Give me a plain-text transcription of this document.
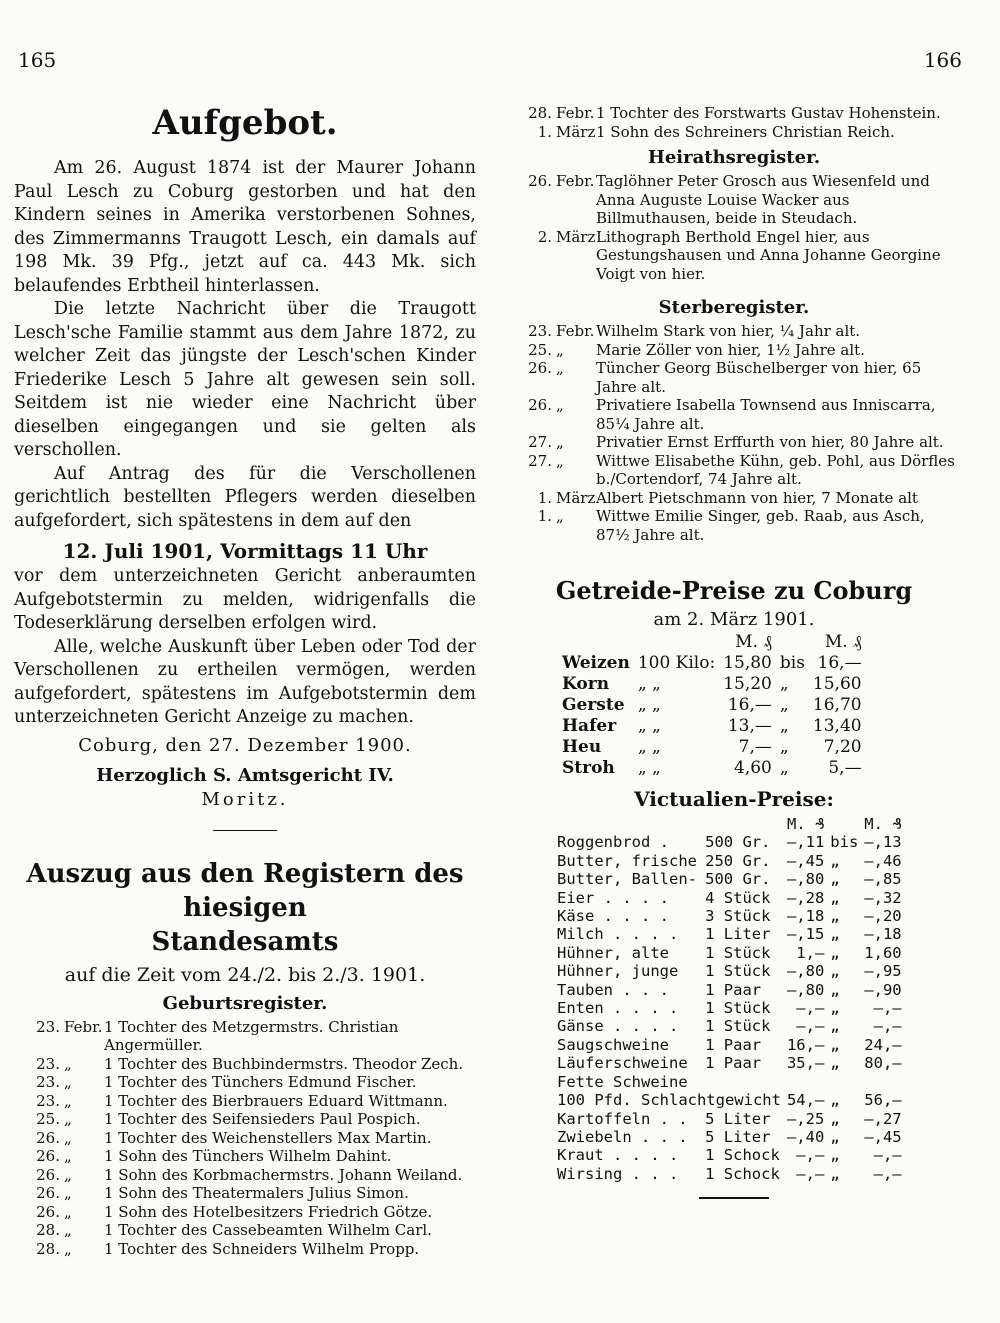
165	166
Aufgebot.

Am 26. August 1874 ist der Maurer Johann Paul Lesch zu Coburg gestorben und hat den Kindern seines in Amerika verstorbenen Sohnes, des Zimmermanns Traugott Lesch, ein damals auf 198 Mk. 39 Pfg., jetzt auf ca. 443 Mk. sich belaufendes Erbtheil hinterlassen.

Die letzte Nachricht über die Traugott Lesch'sche Familie stammt aus dem Jahre 1872, zu welcher Zeit das jüngste der Lesch'schen Kinder Friederike Lesch 5 Jahre alt gewesen sein soll. Seitdem ist nie wieder eine Nachricht über dieselben eingegangen und sie gelten als verschollen.

Auf Antrag des für die Verschollenen gerichtlich bestellten Pflegers werden dieselben aufgefordert, sich spätestens in dem auf den

12. Juli 1901, Vormittags 11 Uhr

vor dem unterzeichneten Gericht anberaumten Aufgebotstermin zu melden, widrigenfalls die Todeserklärung derselben erfolgen wird.

Alle, welche Auskunft über Leben oder Tod der Verschollenen zu ertheilen vermögen, werden aufgefordert, spätestens im Aufgebotstermin dem unterzeichneten Gericht Anzeige zu machen.

Coburg, den 27. Dezember 1900.
Herzoglich S. Amtsgericht IV.
Moritz.
Auszug aus den Registern des hiesigen
Standesamts
auf die Zeit vom 24./2. bis 2./3. 1901.
Geburtsregister.
23.	Febr.	1 Tochter des Metzgermstrs. Christian Angermüller.
23.	„	1 Tochter des Buchbindermstrs. Theodor Zech.
23.	„	1 Tochter des Tünchers Edmund Fischer.
23.	„	1 Tochter des Bierbrauers Eduard Wittmann.
25.	„	1 Tochter des Seifensieders Paul Pospich.
26.	„	1 Tochter des Weichenstellers Max Martin.
26.	„	1 Sohn des Tünchers Wilhelm Dahint.
26.	„	1 Sohn des Korbmachermstrs. Johann Weiland.
26.	„	1 Sohn des Theatermalers Julius Simon.
26.	„	1 Sohn des Hotelbesitzers Friedrich Götze.
28.	„	1 Tochter des Cassebeamten Wilhelm Carl.
28.	„	1 Tochter des Schneiders Wilhelm Propp.
28.	Febr.	1 Tochter des Forstwarts Gustav Hohenstein.
1.	März	1 Sohn des Schreiners Christian Reich.
Heirathsregister.
26.	Febr.	Taglöhner Peter Grosch aus Wiesenfeld und Anna Auguste Louise Wacker aus Billmuthausen, beide in Steudach.
2.	März	Lithograph Berthold Engel hier, aus Gestungshausen und Anna Johanne Georgine Voigt von hier.
Sterberegister.
23.	Febr.	Wilhelm Stark von hier, ¼ Jahr alt.
25.	„	Marie Zöller von hier, 1½ Jahre alt.
26.	„	Tüncher Georg Büschelberger von hier, 65 Jahre alt.
26.	„	Privatiere Isabella Townsend aus Inniscarra, 85¼ Jahre alt.
27.	„	Privatier Ernst Erffurth von hier, 80 Jahre alt.
27.	„	Wittwe Elisabethe Kühn, geb. Pohl, aus Dörfles b./Cortendorf, 74 Jahre alt.
1.	März	Albert Pietschmann von hier, 7 Monate alt
1.	„	Wittwe Emilie Singer, geb. Raab, aus Asch, 87½ Jahre alt.
Getreide-Preise zu Coburg
am 2. März 1901.
		M. ₰		M. ₰
Weizen	100 Kilo:	15,80	bis	16,—
Korn	„ „	15,20	„	15,60
Gerste	„ „	16,—	„	16,70
Hafer	„ „	13,—	„	13,40
Heu	„ „	7,—	„	7,20
Stroh	„ „	4,60	„	5,—
Victualien-Preise:
		M. ₰		M. ₰
Roggenbrod .	500 Gr.	—,11	bis	—,13
Butter, frische	250 Gr.	—,45	„	—,46
Butter, Ballen-	500 Gr.	—,80	„	—,85
Eier . . . .	4 Stück	—,28	„	—,32
Käse . . . .	3 Stück	—,18	„	—,20
Milch . . . .	1 Liter	—,15	„	—,18
Hühner, alte	1 Stück	1,—	„	1,60
Hühner, junge	1 Stück	—,80	„	—,95
Tauben . . .	1 Paar	—,80	„	—,90
Enten . . . .	1 Stück	—,—	„	—,—
Gänse . . . .	1 Stück	—,—	„	—,—
Saugschweine	1 Paar	16,—	„	24,—
Läuferschweine	1 Paar	35,—	„	80,—
Fette Schweine				
100 Pfd. Schlachtgewicht		54,—	„	56,—
Kartoffeln . .	5 Liter	—,25	„	—,27
Zwiebeln . . .	5 Liter	—,40	„	—,45
Kraut . . . .	1 Schock	—,—	„	—,—
Wirsing . . .	1 Schock	—,—	„	—,—
